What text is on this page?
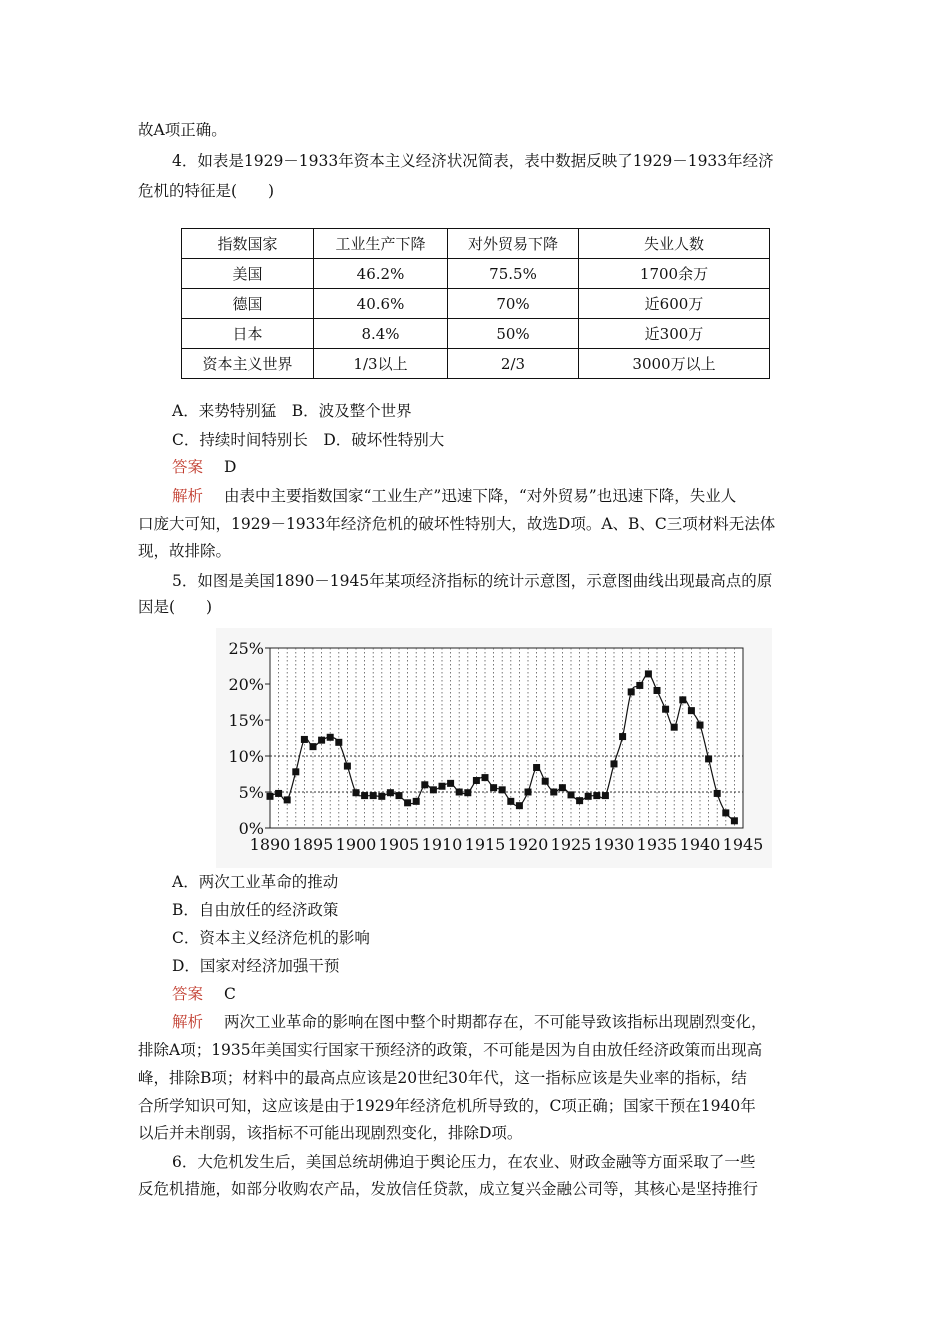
故A项正确。
4．如表是1929－1933年资本主义经济状况简表，表中数据反映了1929－1933年经济
危机的特征是(　　)
指数国家	工业生产下降	对外贸易下降	失业人数
美国	46.2%	75.5%	1700余万
德国	40.6%	70%	近600万
日本	8.4%	50%	近300万
资本主义世界	1/3以上	2/3	3000万以上
A．来势特别猛　B．波及整个世界
C．持续时间特别长　D．破坏性特别大
答案 D
解析 由表中主要指数国家“工业生产”迅速下降，“对外贸易”也迅速下降，失业人
口庞大可知，1929－1933年经济危机的破坏性特别大，故选D项。A、B、C三项材料无法体
现，故排除。
5．如图是美国1890－1945年某项经济指标的统计示意图，示意图曲线出现最高点的原
因是(　　)
0%
5%
10%
15%
20%
25%
1890 1895 1900 1905 1910 1915 1920 1925 1930 1935 1940 1945
A．两次工业革命的推动
B．自由放任的经济政策
C．资本主义经济危机的影响
D．国家对经济加强干预
答案 C
解析 两次工业革命的影响在图中整个时期都存在，不可能导致该指标出现剧烈变化，
排除A项；1935年美国实行国家干预经济的政策，不可能是因为自由放任经济政策而出现高
峰，排除B项；材料中的最高点应该是20世纪30年代，这一指标应该是失业率的指标，结
合所学知识可知，这应该是由于1929年经济危机所导致的，C项正确；国家干预在1940年
以后并未削弱，该指标不可能出现剧烈变化，排除D项。
6．大危机发生后，美国总统胡佛迫于舆论压力，在农业、财政金融等方面采取了一些
反危机措施，如部分收购农产品，发放信任贷款，成立复兴金融公司等，其核心是坚持推行
